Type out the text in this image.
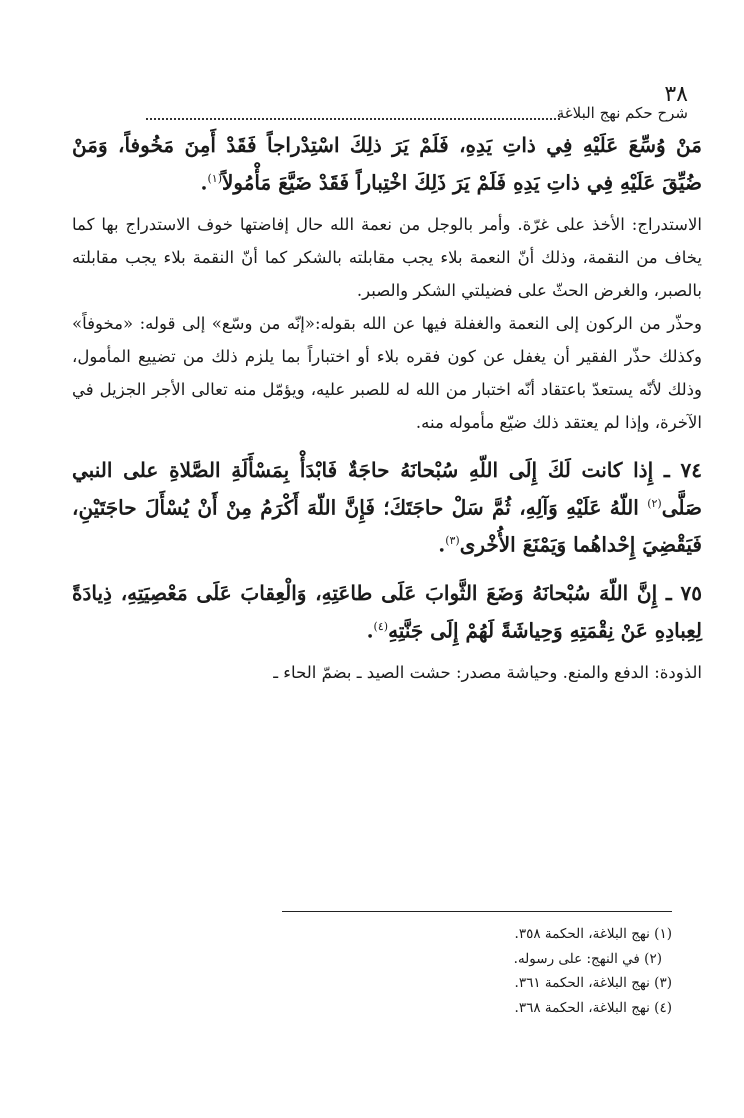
٣٨
شرح حكم نهج البلاغة

مَنْ وُسِّعَ عَلَيْهِ فِي ذاتِ يَدِهِ، فَلَمْ يَرَ ذلِكَ اسْتِدْراجاً فَقَدْ أَمِنَ مَخُوفاً، وَمَنْ ضُيِّقَ عَلَيْهِ فِي ذاتِ يَدِهِ فَلَمْ يَرَ ذَلِكَ اخْتِباراً فَقَدْ ضَيَّعَ مَأْمُولاً$^{(١)}$.

الاستدراج: الأخذ على غرّة. وأمر بالوجل من نعمة الله حال إفاضتها خوف الاستدراج بها كما يخاف من النقمة، وذلك أنّ النعمة بلاء يجب مقابلته بالشكر كما أنّ النقمة بلاء يجب مقابلته بالصبر، والغرض الحثّ على فضيلتي الشكر والصبر.

وحذّر من الركون إلى النعمة والغفلة فيها عن الله بقوله:«إنّه من وسّع» إلى قوله: «مخوفاً» وكذلك حذّر الفقير أن يغفل عن كون فقره بلاء أو اختباراً بما يلزم ذلك من تضييع المأمول، وذلك لأنّه يستعدّ باعتقاد أنّه اختبار من الله له للصبر عليه، ويؤمّل منه تعالى الأجر الجزيل في الآخرة، وإذا لم يعتقد ذلك ضيّع مأموله منه.

٧٤ ـ إِذا كانت لَكَ إِلَى اللّهِ سُبْحانَهُ حاجَةٌ فَابْدَأْ بِمَسْأَلَةِ الصَّلاةِ على النبي صَلَّى$^{(٢)}$ اللّهُ عَلَيْهِ وَآلِهِ، ثُمَّ سَلْ حاجَتَكَ؛ فَإِنَّ اللّهَ أَكْرَمُ مِنْ أَنْ يُسْأَلَ حاجَتَيْنِ، فَيَقْضِيَ إِحْداهُما وَيَمْنَعَ الأُخْرى$^{(٣)}$.

٧٥ ـ إِنَّ اللّهَ سُبْحانَهُ وَضَعَ الثَّوابَ عَلَى طاعَتِهِ، وَالْعِقابَ عَلَى مَعْصِيَتِهِ، ذِيادَةً لِعِبادِهِ عَنْ نِقْمَتِهِ وَحِياشَةً لَهُمْ إِلَى جَنَّتِهِ$^{(٤)}$.

الذودة: الدفع والمنع. وحياشة مصدر: حشت الصيد ـ بضمّ الحاء ـ

(١) نهج البلاغة، الحكمة ٣٥٨.
(٢) في النهج: على رسوله.
(٣) نهج البلاغة، الحكمة ٣٦١.
(٤) نهج البلاغة، الحكمة ٣٦٨.
